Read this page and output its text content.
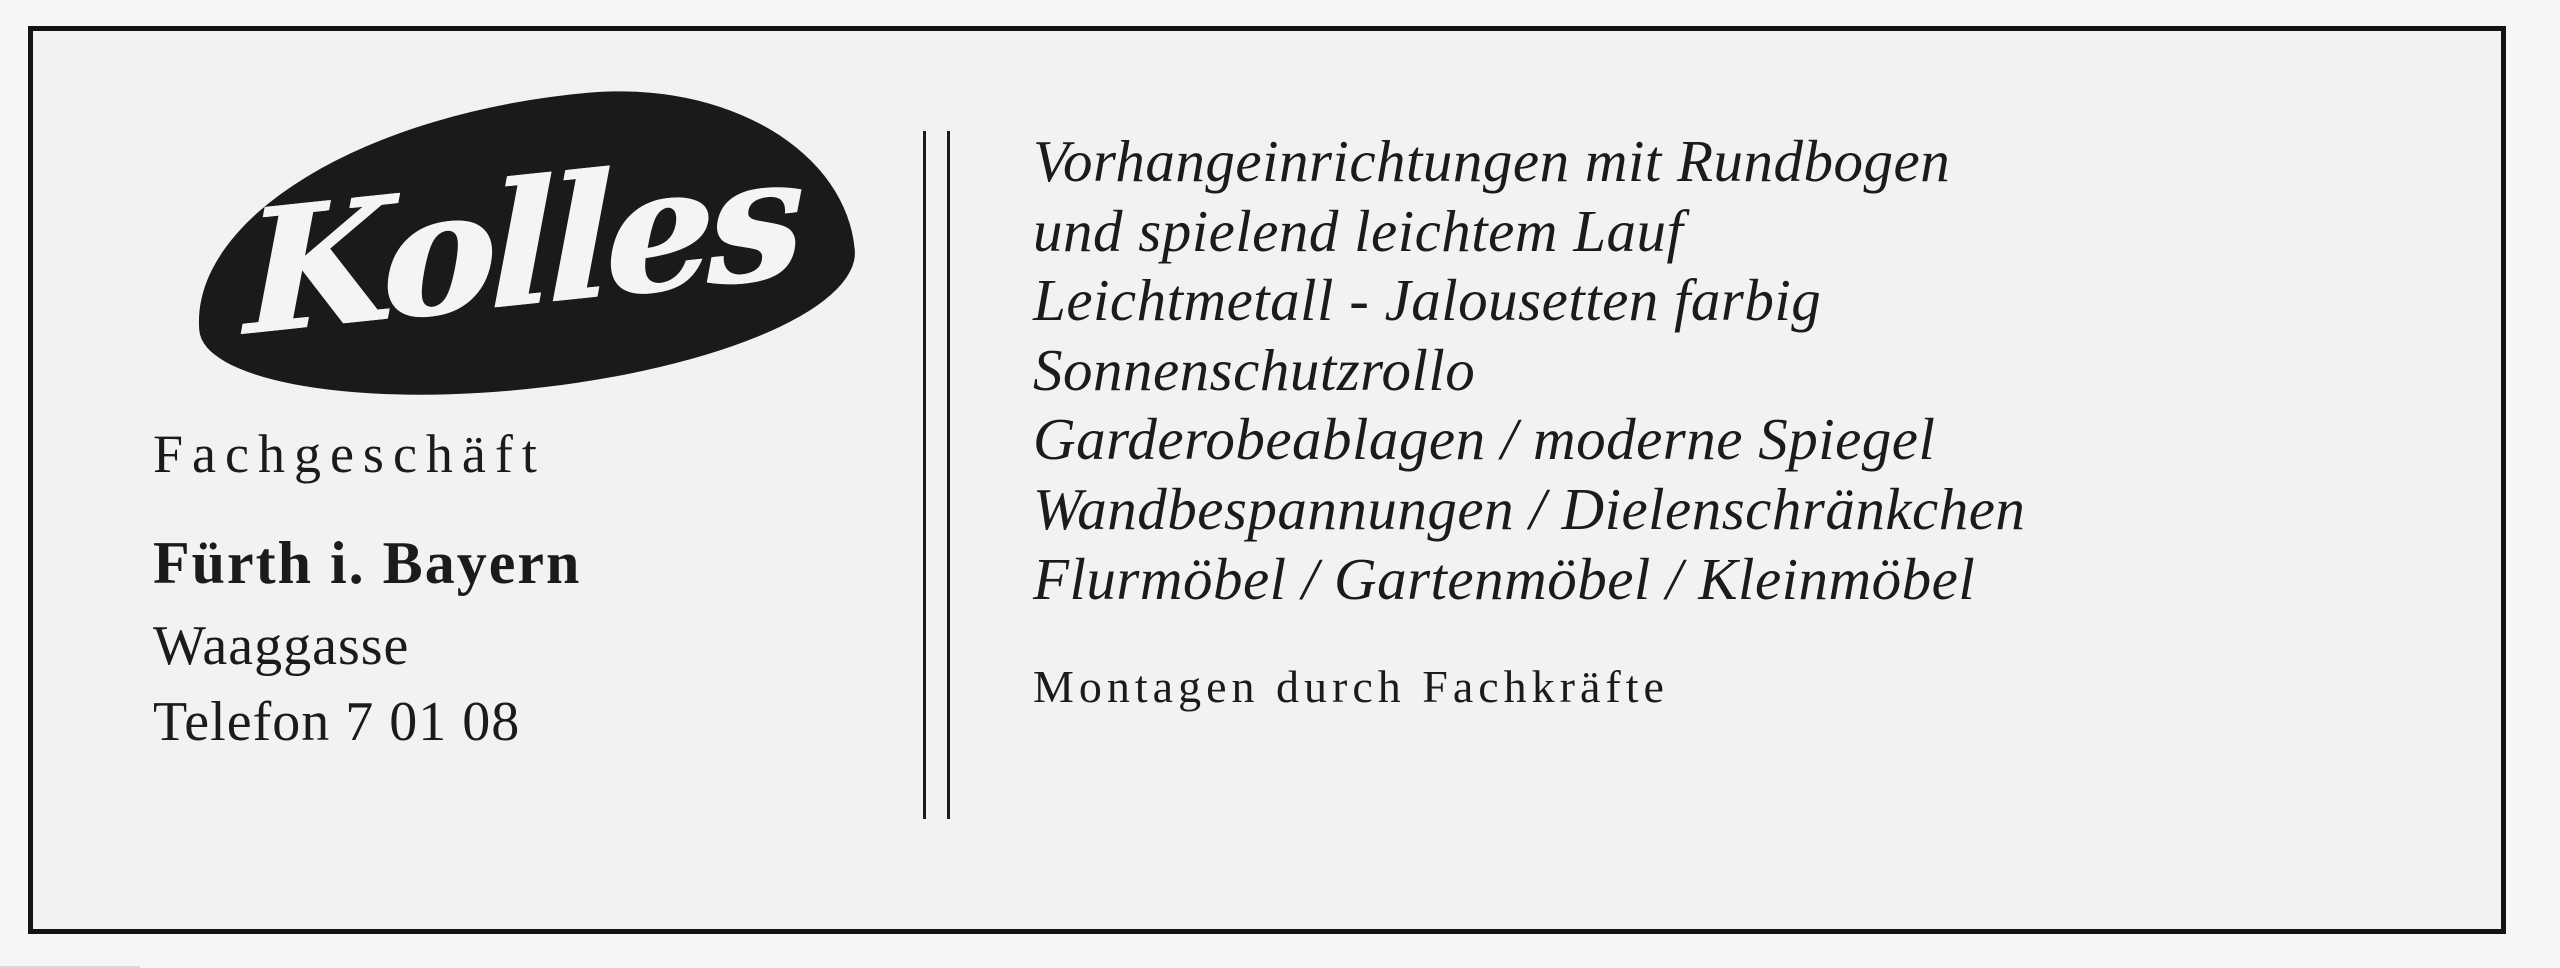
Kolles
Fachgeschäft
Fürth i. Bayern
Waaggasse
Telefon 7 01 08
Vorhangeinrichtungen mit Rundbogen
und spielend leichtem Lauf
Leichtmetall - Jalousetten farbig
Sonnenschutzrollo
Garderobeablagen / moderne Spiegel
Wandbespannungen / Dielenschränkchen
Flurmöbel / Gartenmöbel / Kleinmöbel
Montagen durch Fachkräfte
